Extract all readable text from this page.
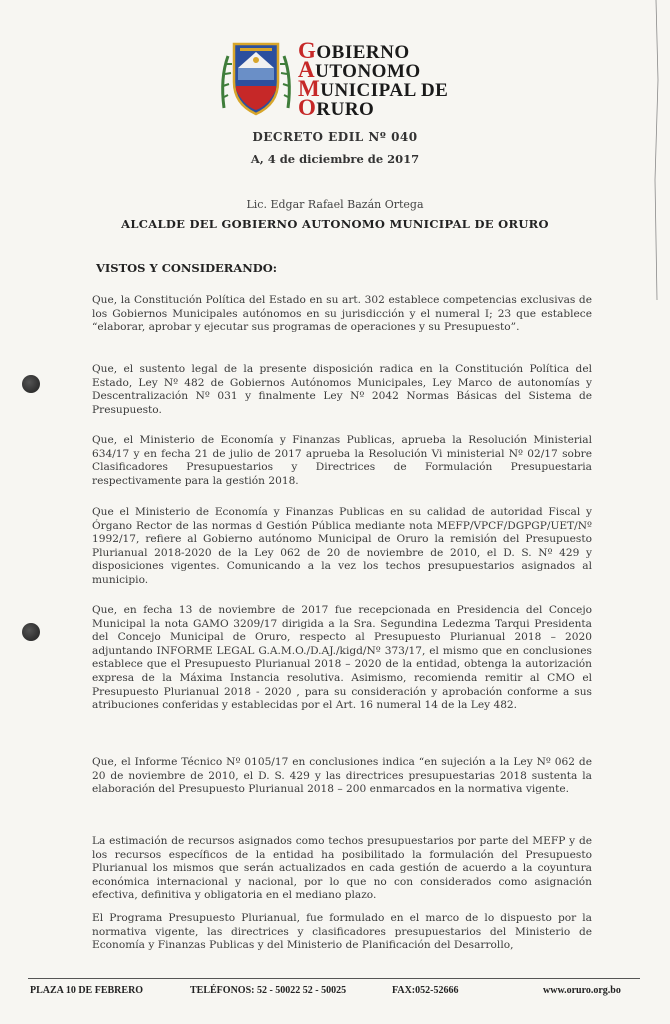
GOBIERNO
AUTONOMO
MUNICIPAL DE
ORURO
DECRETO EDIL Nº 040
A, 4 de diciembre de 2017
Lic. Edgar Rafael Bazán Ortega
ALCALDE DEL GOBIERNO AUTONOMO MUNICIPAL DE ORURO
VISTOS Y CONSIDERANDO:

Que, la Constitución Política del Estado en su art. 302 establece competencias exclusivas de los Gobiernos Municipales autónomos en su jurisdicción y el numeral I; 23 que establece “elaborar, aprobar y ejecutar sus programas de operaciones y su Presupuesto”.

Que, el sustento legal de la presente disposición radica en la Constitución Política del Estado, Ley Nº 482 de Gobiernos Autónomos Municipales, Ley Marco de autonomías y Descentralización Nº 031 y finalmente Ley Nº 2042 Normas Básicas del Sistema de Presupuesto.

Que, el Ministerio de Economía y Finanzas Publicas, aprueba la Resolución Ministerial 634/17 y en fecha 21 de julio de 2017 aprueba la Resolución Vi ministerial Nº 02/17 sobre Clasificadores Presupuestarios y Directrices de Formulación Presupuestaria respectivamente para la gestión 2018.

Que el Ministerio de Economía y Finanzas Publicas en su calidad de autoridad Fiscal y Órgano Rector de las normas d Gestión Pública mediante nota MEFP/VPCF/DGPGP/UET/Nº 1992/17, refiere al Gobierno autónomo Municipal de Oruro la remisión del Presupuesto Plurianual 2018-2020 de la Ley 062 de 20 de noviembre de 2010, el D. S. Nº 429 y disposiciones vigentes. Comunicando a la vez los techos presupuestarios asignados al municipio.

Que, en fecha 13 de noviembre de 2017 fue recepcionada en Presidencia del Concejo Municipal la nota GAMO 3209/17 dirigida a la Sra. Segundina Ledezma Tarqui Presidenta del Concejo Municipal de Oruro, respecto al Presupuesto Plurianual 2018 – 2020 adjuntando INFORME LEGAL G.A.M.O./D.AJ./kigd/Nº 373/17, el mismo que en conclusiones establece que el Presupuesto Plurianual 2018 – 2020 de la entidad, obtenga la autorización expresa de la Máxima Instancia resolutiva. Asimismo, recomienda remitir al CMO el Presupuesto Plurianual 2018 - 2020 , para su consideración y aprobación conforme a sus atribuciones conferidas y establecidas por el Art. 16 numeral 14 de la Ley 482.

Que, el Informe Técnico Nº 0105/17 en conclusiones indica “en sujeción a la Ley Nº 062 de 20 de noviembre de 2010, el D. S. 429 y las directrices presupuestarias 2018 sustenta la elaboración del Presupuesto Plurianual 2018 – 200 enmarcados en la normativa vigente.

La estimación de recursos asignados como techos presupuestarios por parte del MEFP y de los recursos específicos de la entidad ha posibilitado la formulación del Presupuesto Plurianual los mismos que serán actualizados en cada gestión de acuerdo a la coyuntura económica internacional y nacional, por lo que no con considerados como asignación efectiva, definitiva y obligatoria en el mediano plazo.

El Programa Presupuesto Plurianual, fue formulado en el marco de lo dispuesto por la normativa vigente, las directrices y clasificadores presupuestarios del Ministerio de Economía y Finanzas Publicas y del Ministerio de Planificación del Desarrollo,

PLAZA 10 DE FEBRERO	TELÉFONOS: 52 - 50022 52 - 50025	FAX:052-52666	www.oruro.org.bo
